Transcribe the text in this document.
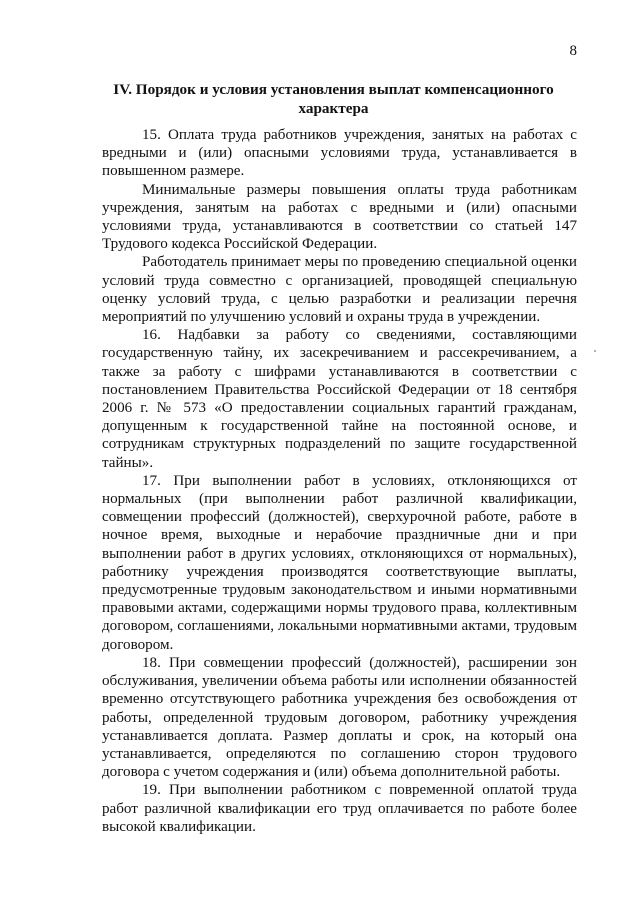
8
IV. Порядок и условия установления выплат компенсационного
характера

15. Оплата труда работников учреждения, занятых на работах с вредными и (или) опасными условиями труда, устанавливается в повышенном размере.

Минимальные размеры повышения оплаты труда работникам учреждения, занятым на работах с вредными и (или) опасными условиями труда, устанавливаются в соответствии со статьей 147 Трудового кодекса Российской Федерации.

Работодатель принимает меры по проведению специальной оценки условий труда совместно с организацией, проводящей специальную оценку условий труда, с целью разработки и реализации перечня мероприятий по улучшению условий и охраны труда в учреждении.

16. Надбавки за работу со сведениями, составляющими государственную тайну, их засекречиванием и рассекречиванием, а также за работу с шифрами устанавливаются в соответствии с постановлением Правительства Российской Федерации от 18 сентября 2006 г. № 573 «О предоставлении социальных гарантий гражданам, допущенным к государственной тайне на постоянной основе, и сотрудникам структурных подразделений по защите государственной тайны».

17. При выполнении работ в условиях, отклоняющихся от нормальных (при выполнении работ различной квалификации, совмещении профессий (должностей), сверхурочной работе, работе в ночное время, выходные и нерабочие праздничные дни и при выполнении работ в других условиях, отклоняющихся от нормальных), работнику учреждения производятся соответствующие выплаты, предусмотренные трудовым законодательством и иными нормативными правовыми актами, содержащими нормы трудового права, коллективным договором, соглашениями, локальными нормативными актами, трудовым договором.

18. При совмещении профессий (должностей), расширении зон обслуживания, увеличении объема работы или исполнении обязанностей временно отсутствующего работника учреждения без освобождения от работы, определенной трудовым договором, работнику учреждения устанавливается доплата. Размер доплаты и срок, на который она устанавливается, определяются по соглашению сторон трудового договора с учетом содержания и (или) объема дополнительной работы.

19. При выполнении работником с повременной оплатой труда работ различной квалификации его труд оплачивается по работе более высокой квалификации.
